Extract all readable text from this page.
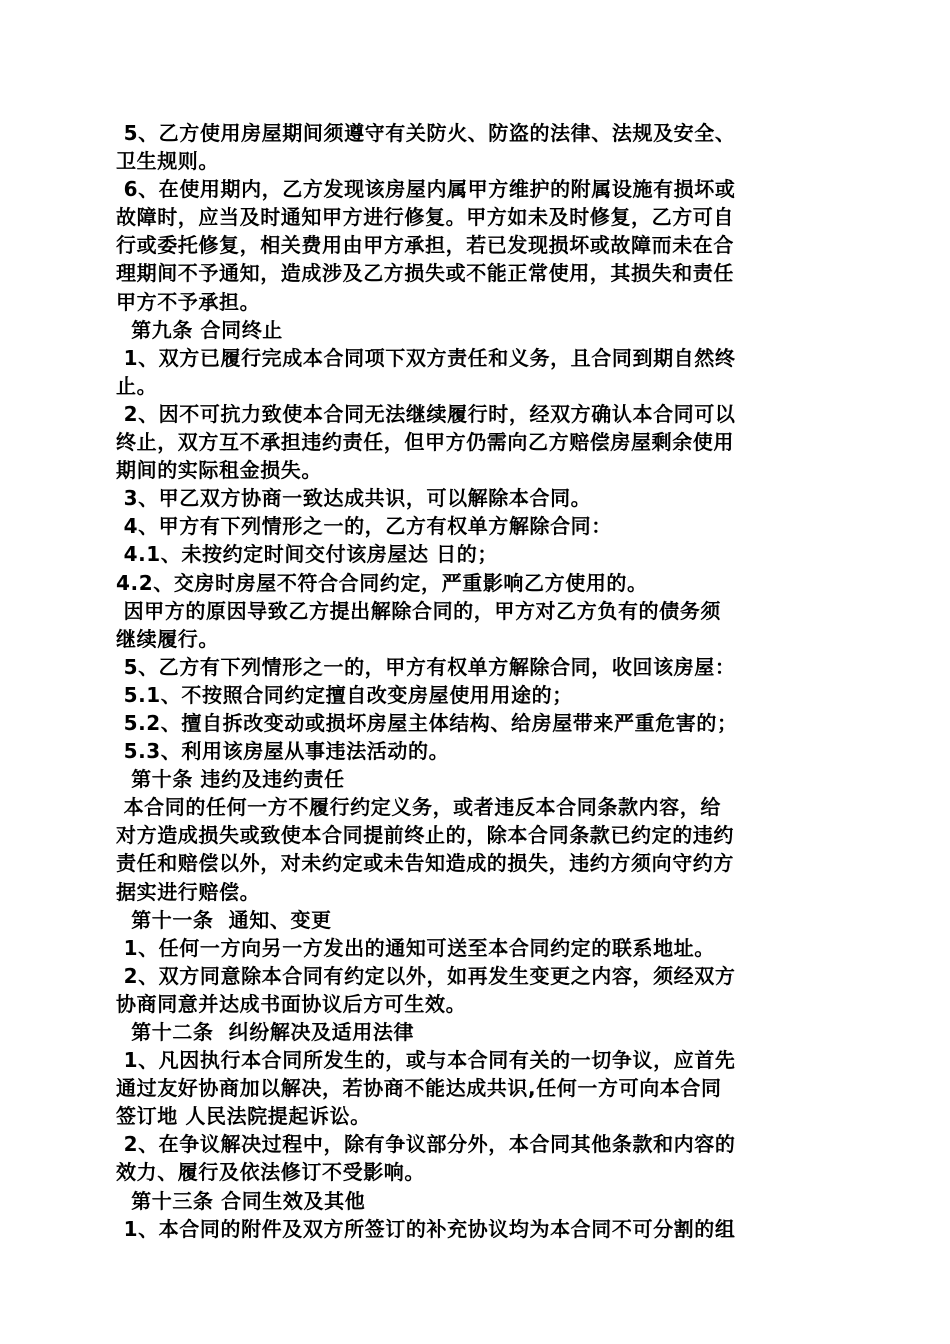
5、乙方使用房屋期间须遵守有关防火、防盗的法律、法规及安全、
卫生规则。
6、在使用期内，乙方发现该房屋内属甲方维护的附属设施有损坏或
故障时，应当及时通知甲方进行修复。甲方如未及时修复，乙方可自
行或委托修复，相关费用由甲方承担，若已发现损坏或故障而未在合
理期间不予通知，造成涉及乙方损失或不能正常使用，其损失和责任
甲方不予承担。
第九条 合同终止
1、双方已履行完成本合同项下双方责任和义务，且合同到期自然终
止。
2、因不可抗力致使本合同无法继续履行时，经双方确认本合同可以
终止，双方互不承担违约责任，但甲方仍需向乙方赔偿房屋剩余使用
期间的实际租金损失。
3、甲乙双方协商一致达成共识，可以解除本合同。
4、甲方有下列情形之一的，乙方有权单方解除合同：
4.1、未按约定时间交付该房屋达 日的；
4.2、交房时房屋不符合合同约定，严重影响乙方使用的。
因甲方的原因导致乙方提出解除合同的，甲方对乙方负有的债务须
继续履行。
5、乙方有下列情形之一的，甲方有权单方解除合同，收回该房屋：
5.1、不按照合同约定擅自改变房屋使用用途的；
5.2、擅自拆改变动或损坏房屋主体结构、给房屋带来严重危害的；
5.3、利用该房屋从事违法活动的。
第十条 违约及违约责任
本合同的任何一方不履行约定义务，或者违反本合同条款内容，给
对方造成损失或致使本合同提前终止的，除本合同条款已约定的违约
责任和赔偿以外，对未约定或未告知造成的损失，违约方须向守约方
据实进行赔偿。
第十一条  通知、变更
1、任何一方向另一方发出的通知可送至本合同约定的联系地址。
2、双方同意除本合同有约定以外，如再发生变更之内容，须经双方
协商同意并达成书面协议后方可生效。
第十二条  纠纷解决及适用法律
1、凡因执行本合同所发生的，或与本合同有关的一切争议，应首先
通过友好协商加以解决，若协商不能达成共识,任何一方可向本合同
签订地 人民法院提起诉讼。
2、在争议解决过程中，除有争议部分外，本合同其他条款和内容的
效力、履行及依法修订不受影响。
第十三条 合同生效及其他
1、本合同的附件及双方所签订的补充协议均为本合同不可分割的组
